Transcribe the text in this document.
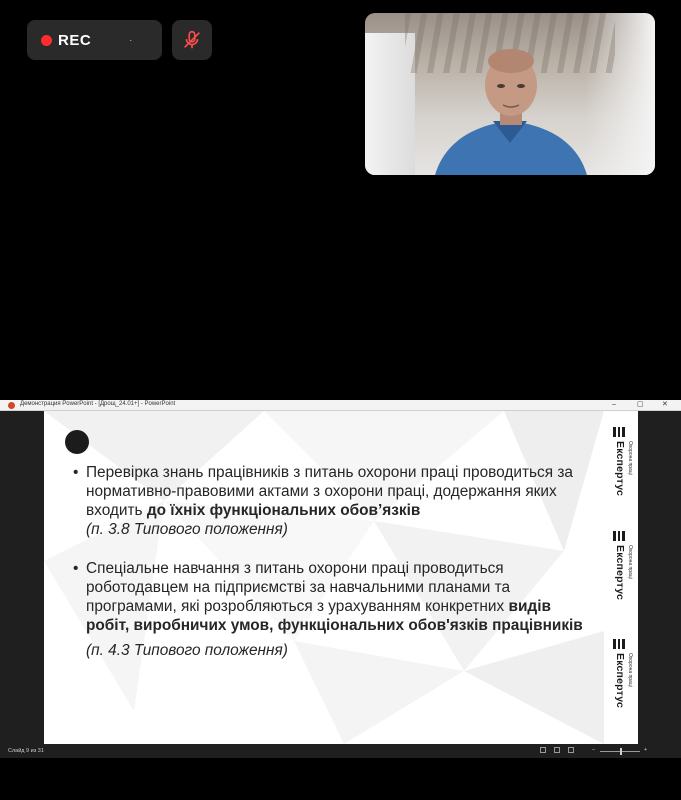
REC	·
Демонстрация PowerPoint - [Дрощ_24.01+] - PowerPoint	–	▢	✕
• Перевірка знань працівників з питань охорони праці проводиться за нормативно-правовими актами з охорони праці, додержання яких входить до їхніх функціональних обов’язків
(п. 3.8 Типового положення)
• Спеціальне навчання з питань охорони праці проводиться роботодавцем на підприємстві за навчальними планами та програмами, які розробляються з урахуванням конкретних видів робіт, виробничих умов, функціональних обов'язків працівників
(п. 4.3 Типового положення)
Експертус Охорона праці
Експертус Охорона праці
Експертус Охорона праці
Слайд 9 из 31	–	+
